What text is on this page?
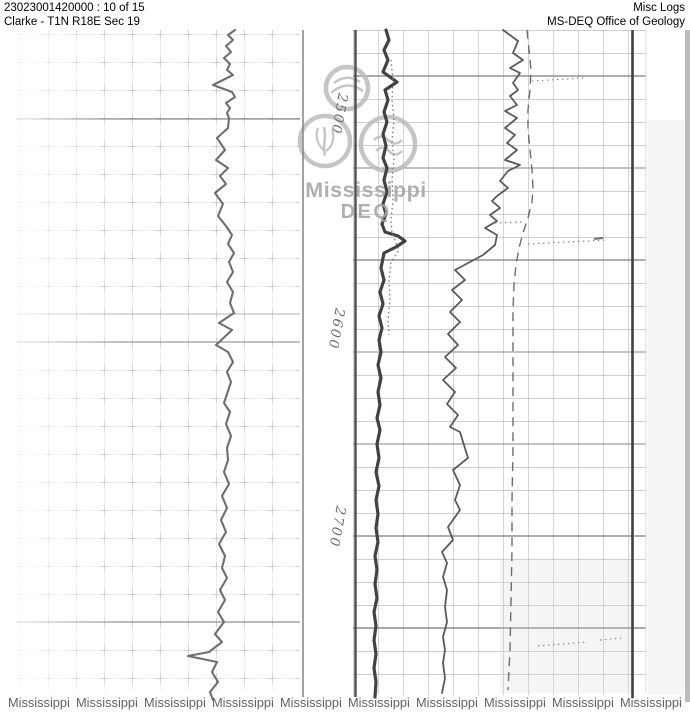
23023001420000 : 10 of 15
Clarke - T1N R18E Sec 19
Misc Logs
MS-DEQ Office of Geology
2500
2600
2700
Mississippi
DEQ
Mississippi Mississippi Mississippi Mississippi Mississippi Mississippi Mississippi Mississippi Mississippi Mississippi
